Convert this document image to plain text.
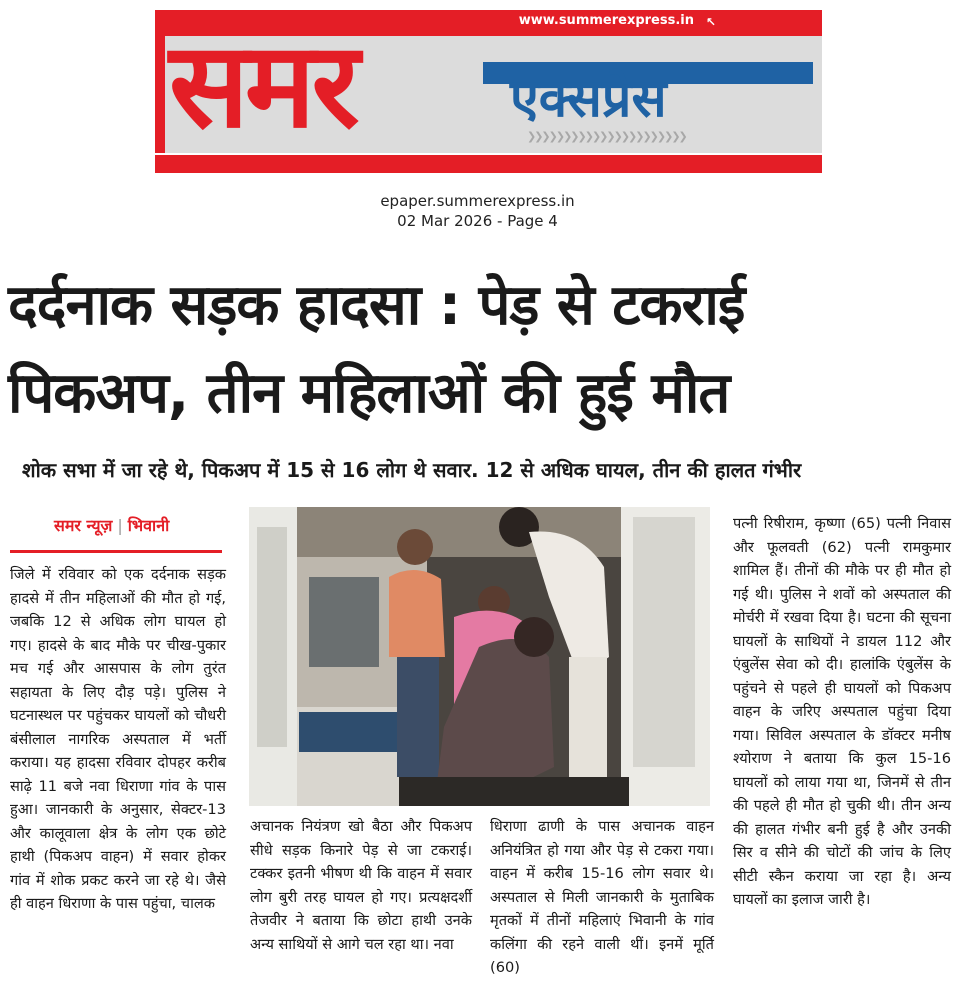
www.summerexpress.in ↖
समर	एक्सप्रेस
❯❯❯❯❯❯❯❯❯❯❯❯❯❯❯❯❯❯❯❯❯❯
epaper.summerexpress.in
02 Mar 2026 - Page 4
दर्दनाक सड़क हादसा : पेड़ से टकराई
पिकअप, तीन महिलाओं की हुई मौत
शोक सभा में जा रहे थे, पिकअप में 15 से 16 लोग थे सवार. 12 से अधिक घायल, तीन की हालत गंभीर
समर न्यूज़ | भिवानी

जिले में रविवार को एक दर्दनाक सड़क हादसे में तीन महिलाओं की मौत हो गई, जबकि 12 से अधिक लोग घायल हो गए। हादसे के बाद मौके पर चीख-पुकार मच गई और आसपास के लोग तुरंत सहायता के लिए दौड़ पड़े। पुलिस ने घटनास्थल पर पहुंचकर घायलों को चौधरी बंसीलाल नागरिक अस्पताल में भर्ती कराया। यह हादसा रविवार दोपहर करीब साढ़े 11 बजे नवा धिराणा गांव के पास हुआ। जानकारी के अनुसार, सेक्टर-13 और कालूवाला क्षेत्र के लोग एक छोटे हाथी (पिकअप वाहन) में सवार होकर गांव में शोक प्रकट करने जा रहे थे। जैसे ही वाहन धिराणा के पास पहुंचा, चालक

अचानक नियंत्रण खो बैठा और पिकअप सीधे सड़क किनारे पेड़ से जा टकराई। टक्कर इतनी भीषण थी कि वाहन में सवार लोग बुरी तरह घायल हो गए। प्रत्यक्षदर्शी तेजवीर ने बताया कि छोटा हाथी उनके अन्य साथियों से आगे चल रहा था। नवा

धिराणा ढाणी के पास अचानक वाहन अनियंत्रित हो गया और पेड़ से टकरा गया। वाहन में करीब 15-16 लोग सवार थे। अस्पताल से मिली जानकारी के मुताबिक मृतकों में तीनों महिलाएं भिवानी के गांव कलिंगा की रहने वाली थीं। इनमें मूर्ति (60)

पत्नी रिषीराम, कृष्णा (65) पत्नी निवास और फूलवती (62) पत्नी रामकुमार शामिल हैं। तीनों की मौके पर ही मौत हो गई थी। पुलिस ने शवों को अस्पताल की मोर्चरी में रखवा दिया है। घटना की सूचना घायलों के साथियों ने डायल 112 और एंबुलेंस सेवा को दी। हालांकि एंबुलेंस के पहुंचने से पहले ही घायलों को पिकअप वाहन के जरिए अस्पताल पहुंचा दिया गया। सिविल अस्पताल के डॉक्टर मनीष श्योराण ने बताया कि कुल 15-16 घायलों को लाया गया था, जिनमें से तीन की पहले ही मौत हो चुकी थी। तीन अन्य की हालत गंभीर बनी हुई है और उनकी सिर व सीने की चोटों की जांच के लिए सीटी स्कैन कराया जा रहा है। अन्य घायलों का इलाज जारी है।
